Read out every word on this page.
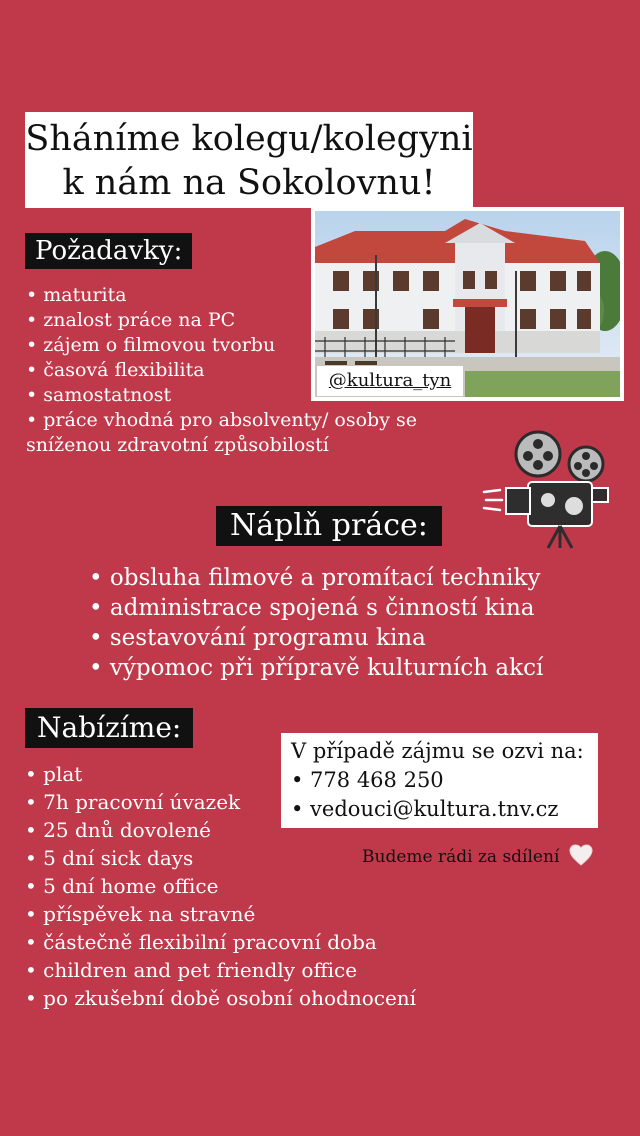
Sháníme kolegu/kolegyni
k nám na Sokolovnu!
@kultura_tyn
Požadavky:
• maturita
• znalost práce na PC
• zájem o filmovou tvorbu
• časová flexibilita
• samostatnost
• práce vhodná pro absolventy/ osoby se sníženou zdravotní způsobilostí
Náplň práce:
• obsluha filmové a promítací techniky
• administrace spojená s činností kina
• sestavování programu kina
• výpomoc při přípravě kulturních akcí
Nabízíme:
• plat
• 7h pracovní úvazek
• 25 dnů dovolené
• 5 dní sick days
• 5 dní home office
• příspěvek na stravné
• částečně flexibilní pracovní doba
• children and pet friendly office
• po zkušební době osobní ohodnocení
V případě zájmu se ozvi na:
• 778 468 250
• vedouci@kultura.tnv.cz
Budeme rádi za sdílení
